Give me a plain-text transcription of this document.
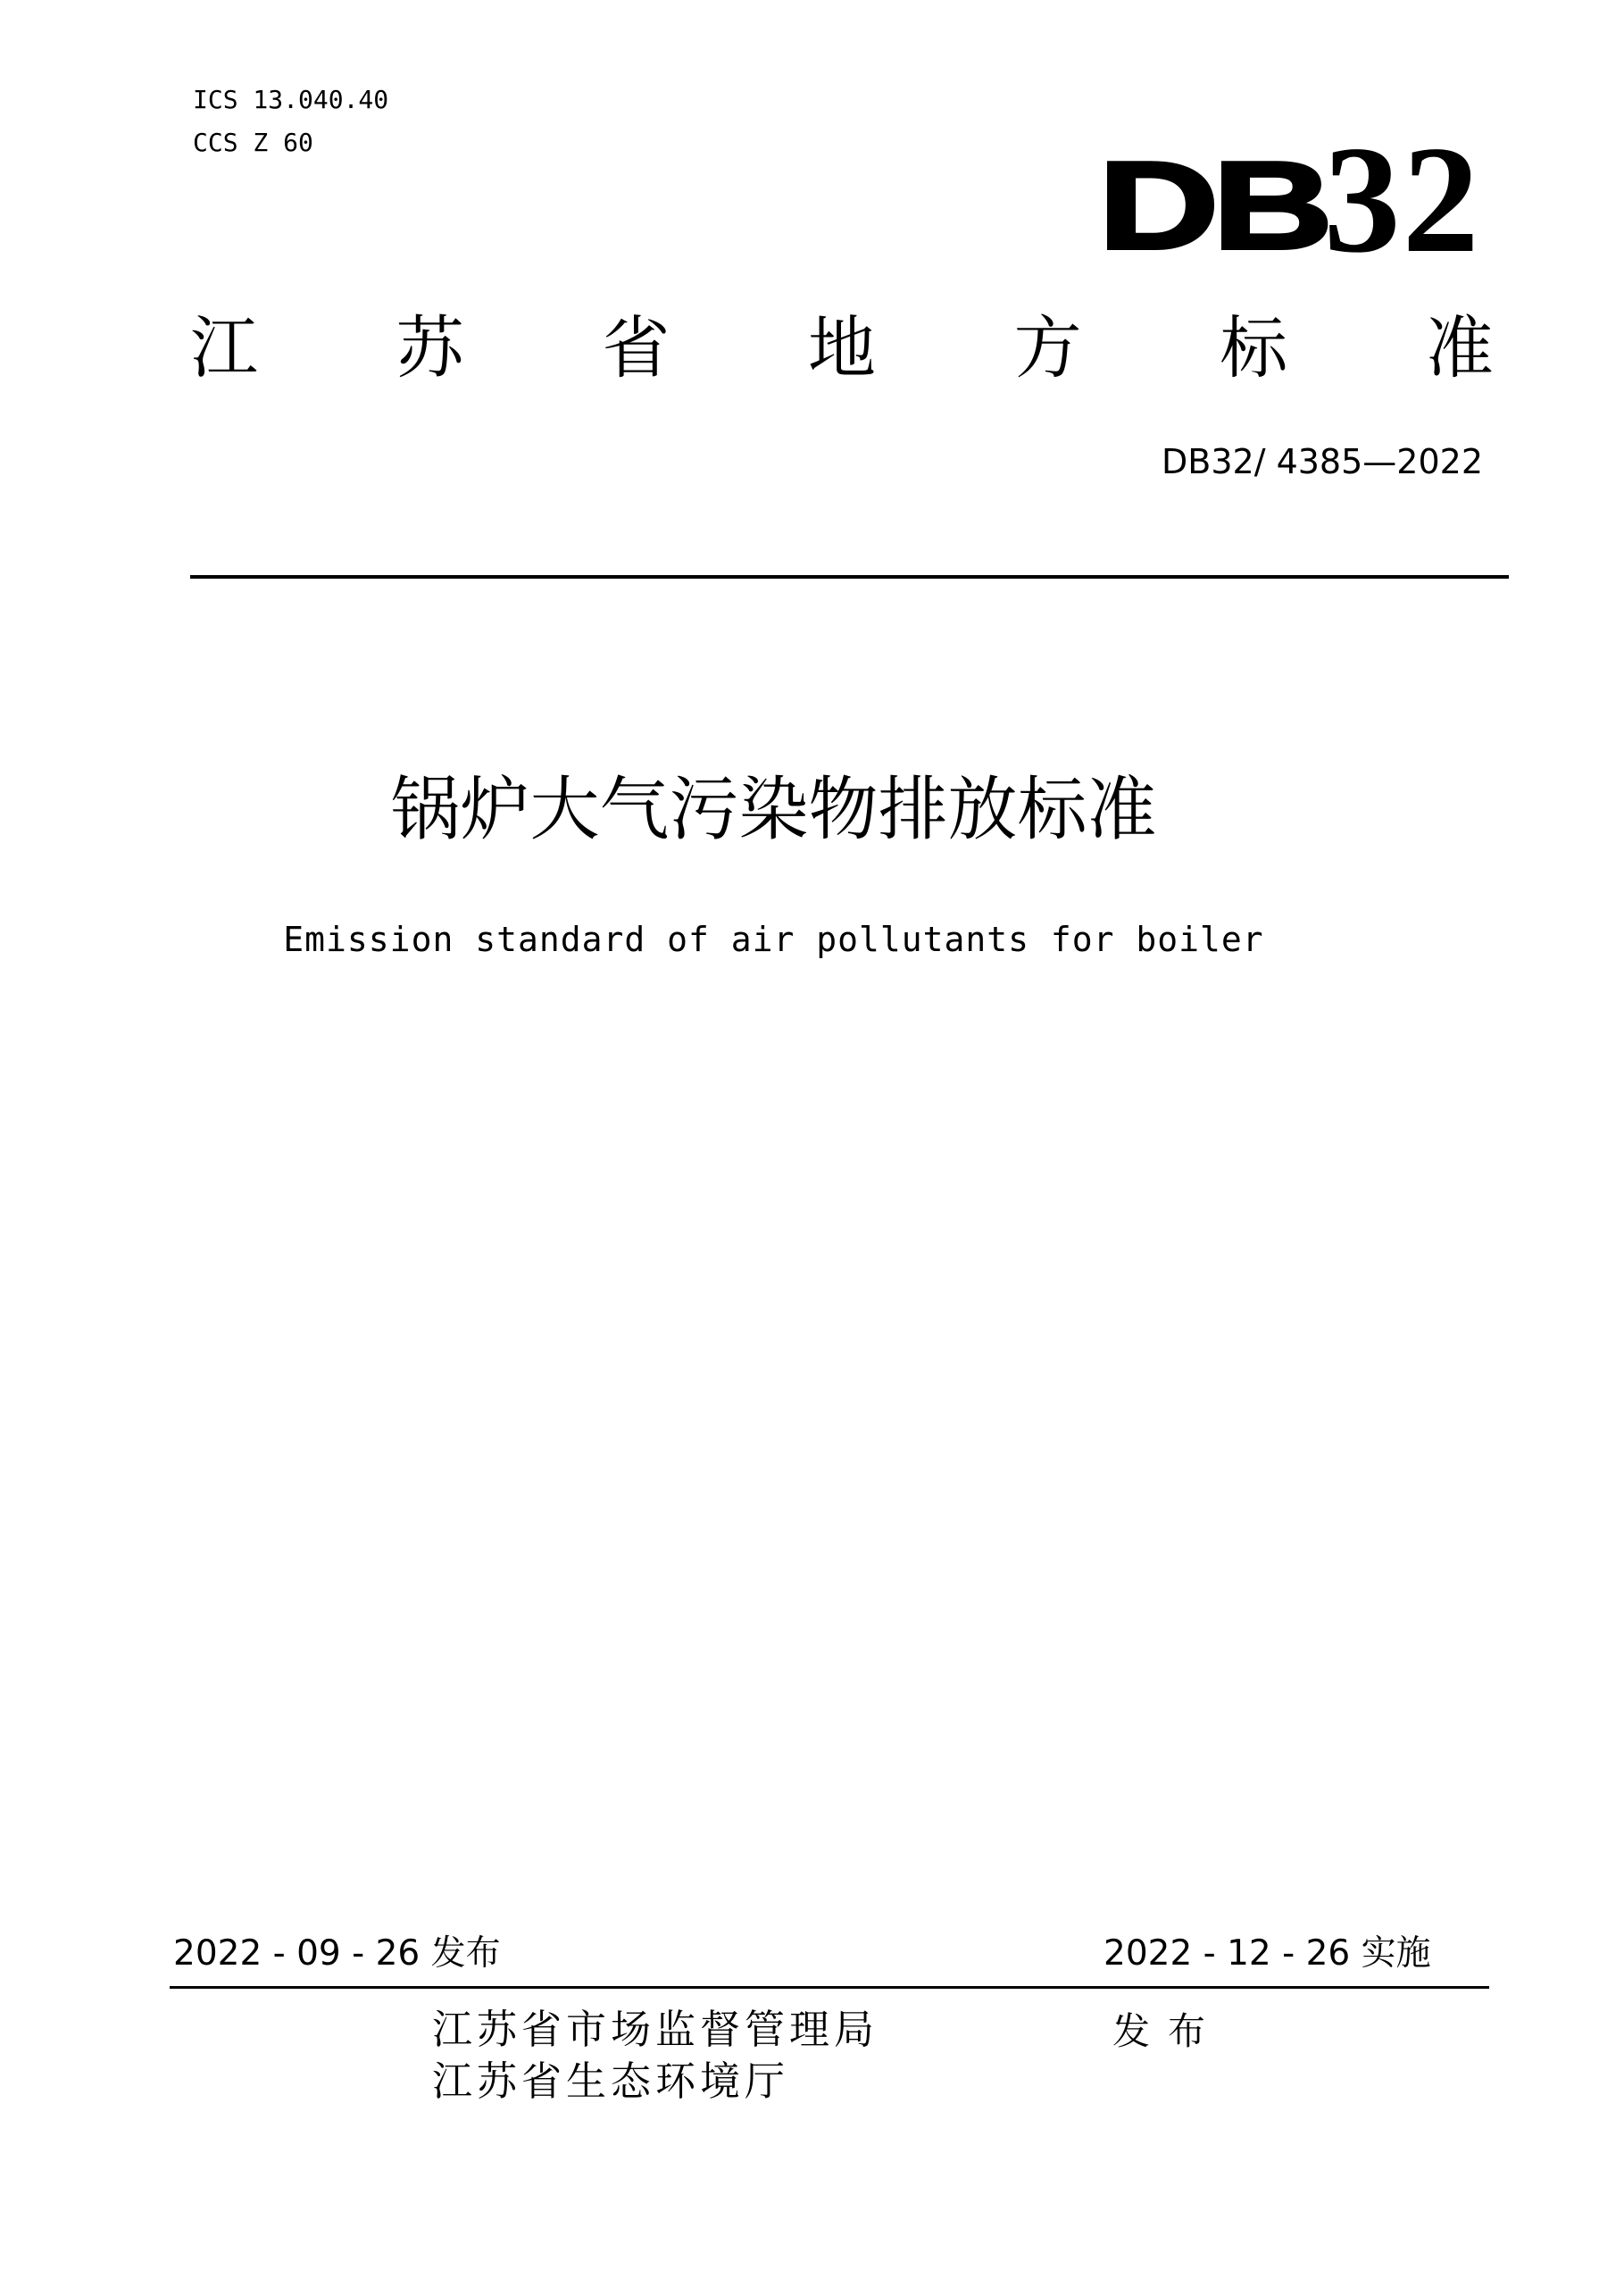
ICS 13.040.40
CCS Z 60	DB32
江 苏 省 地 方 标 准
DB32/ 4385—2022
锅炉大气污染物排放标准
Emission standard of air pollutants for boiler
2022 - 09 - 26 发布	2022 - 12 - 26 实施
江苏省市场监督管理局
江苏省生态环境厅
发布
